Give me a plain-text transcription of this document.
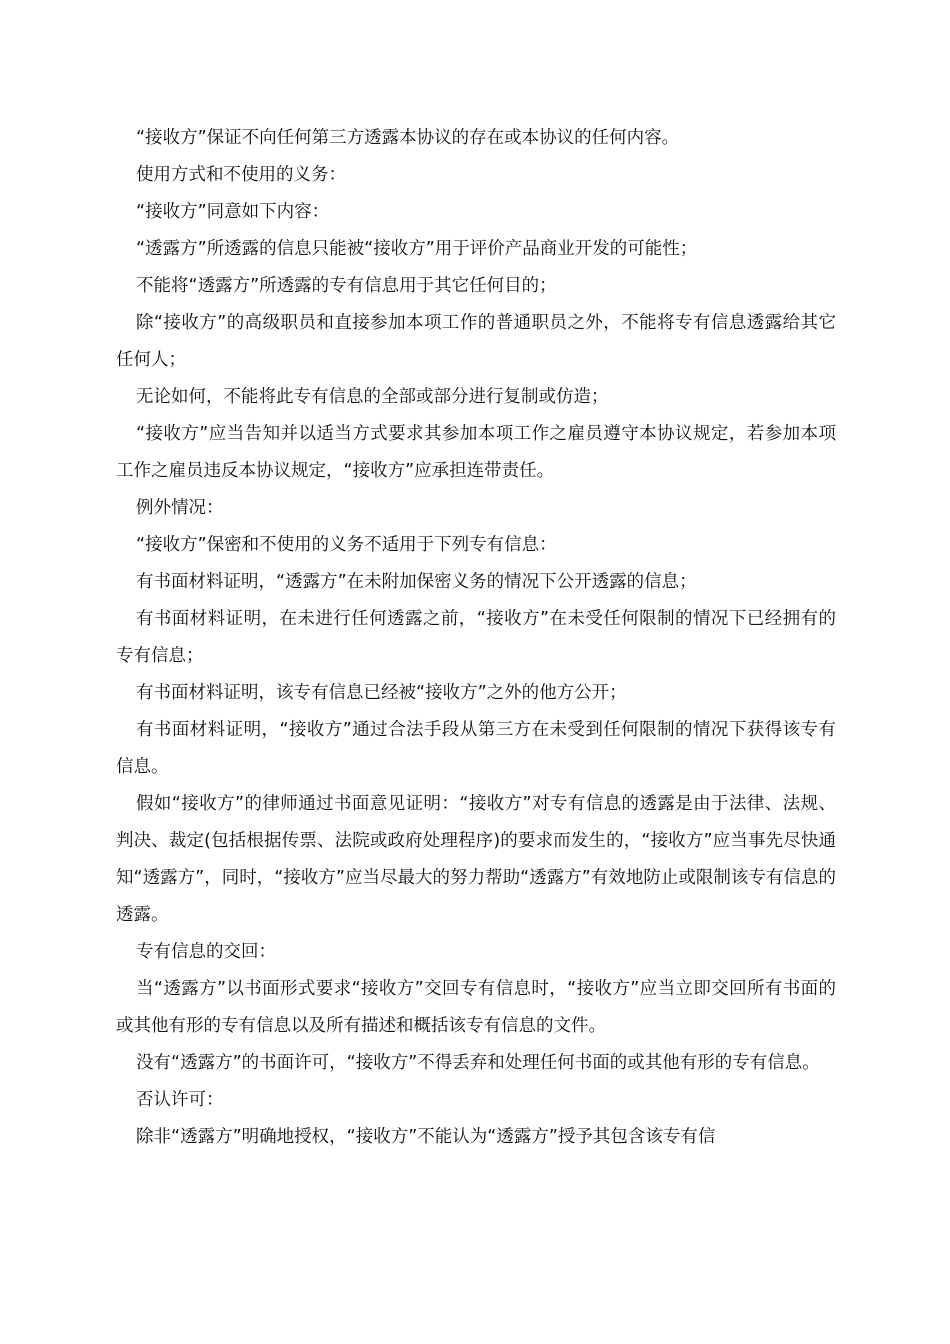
“接收方”保证不向任何第三方透露本协议的存在或本协议的任何内容。

使用方式和不使用的义务：

“接收方”同意如下内容：

“透露方”所透露的信息只能被“接收方”用于评价产品商业开发的可能性；

不能将“透露方”所透露的专有信息用于其它任何目的；

除“接收方”的高级职员和直接参加本项工作的普通职员之外，不能将专有信息透露给其它任何人；

无论如何，不能将此专有信息的全部或部分进行复制或仿造；

“接收方”应当告知并以适当方式要求其参加本项工作之雇员遵守本协议规定，若参加本项工作之雇员违反本协议规定，“接收方”应承担连带责任。

例外情况：

“接收方”保密和不使用的义务不适用于下列专有信息：

有书面材料证明，“透露方”在未附加保密义务的情况下公开透露的信息；

有书面材料证明，在未进行任何透露之前，“接收方”在未受任何限制的情况下已经拥有的专有信息；

有书面材料证明，该专有信息已经被“接收方”之外的他方公开；

有书面材料证明，“接收方”通过合法手段从第三方在未受到任何限制的情况下获得该专有信息。

假如“接收方”的律师通过书面意见证明：“接收方”对专有信息的透露是由于法律、法规、判决、裁定(包括根据传票、法院或政府处理程序)的要求而发生的，“接收方”应当事先尽快通知“透露方”，同时，“接收方”应当尽最大的努力帮助“透露方”有效地防止或限制该专有信息的透露。

专有信息的交回：

当“透露方”以书面形式要求“接收方”交回专有信息时，“接收方”应当立即交回所有书面的或其他有形的专有信息以及所有描述和概括该专有信息的文件。

没有“透露方”的书面许可，“接收方”不得丢弃和处理任何书面的或其他有形的专有信息。

否认许可：

除非“透露方”明确地授权，“接收方”不能认为“透露方”授予其包含该专有信
